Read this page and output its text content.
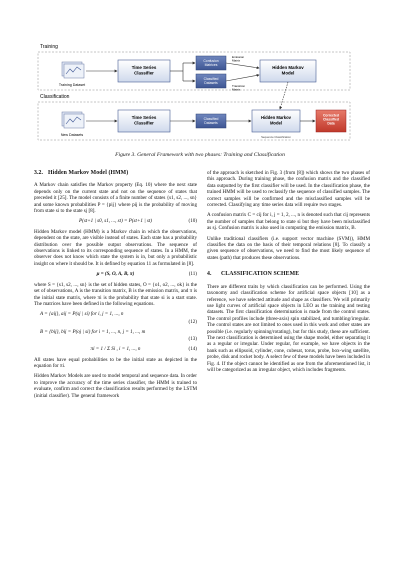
Training
Classification
Training Dataset
New Datasets
Time Series Classifier
Time Series Classifier
Confusion Matrices
Classified Datasets
Classified Datasets
Emission Matrix
Transition Matrix
Hidden Markov Model
Hidden Markov Model
Sequence Classification
Corrected Classified Data
Figure 3. General Framework with two phases: Training and Classification
3.2. Hidden Markov Model (HMM)

A Markov chain satisfies the Markov property (Eq. 10) where the next state depends only on the current state and not on the sequence of states that preceded it [25]. The model consists of a finite number of states {s1, s2, ..., sn} and some known probabilities P = {pij} where pij is the probability of moving from state si to the state sj [8].

P(st+1 | s0, s1, ..., st) = P(st+1 | st)	(10)

Hidden Markov model (HMM) is a Markov chain in which the observations, dependent on the state, are visible instead of states. Each state has a probability distribution over the possible output observations. The sequence of observations is linked to its corresponding sequence of states. In a HMM, the observer does not know which state the system is in, but only a probabilistic insight on where it should be. It is defined by equation 11 as formulated in [8].

μ = (S, O, A, B, π)	(11)

where S = {s1, s2, ..., sn} is the set of hidden states, O = {o1, o2, ..., ok} is the set of observations, A is the transition matrix, B is the emission matrix, and π is the initial state matrix, where πi is the probability that state si is a start state. The matrices have been defined in the following equations.

A = {aij}, aij = P(sj | si) for i, j = 1, ..., n
(12)
B = {bij}, bij = P(oj | si) for i = 1, ..., n, j = 1, ..., m
(13)
πi = 1 / Σ Si , i = 1, ..., n	(14)

All states have equal probabilities to be the initial state as depicted in the equation for πi.

Hidden Markov Models are used to model temporal and sequence data. In order to improve the accuracy of the time series classifier, the HMM is trained to evaluate, confirm and correct the classification results performed by the LSTM (initial classifier). The general framework

of the approach is sketched in Fig. 3 (from [8]) which shows the two phases of this approach. During training phase, the confusion matrix and the classified data outputted by the first classifier will be used. In the classification phase, the trained HMM will be used to reclassify the sequence of classified samples. The correct samples will be confirmed and the misclassified samples will be corrected. Classifying any time series data will require two stages.

A confusion matrix C = cij for i, j = 1, 2, ..., n is denoted such that cij represents the number of samples that belong to state si but they have been misclassified as sj. Confusion matrix is also used in computing the emission matrix, B.

Unlike traditional classifiers (i.e. support vector machine (SVM)), HMM classifies the data on the basis of their temporal relations [8]. To classify a given sequence of observations, we need to find the most likely sequence of states (path) that produces these observations.

4. CLASSIFICATION SCHEME

There are different traits by which classification can be performed. Using the taxonomy and classification scheme for artificial space objects [10] as a reference, we have selected attitude and shape as classifiers. We will primarily use light curves of artificial space objects in LEO as the training and testing datasets. The first classification determination is made from the control states. The control profiles include (three-axis) spin stabilized, and tumbling/irregular. The control states are not limited to ones used in this work and other states are possible (i.e. regularly spinning/rotating), but for this study, these are sufficient. The next classification is determined using the shape model, either separating it as a regular or irregular. Under regular, for example, we have objects in the bank such as ellipsoid, cylinder, cone, cubesat, torus, probe, box-wing satellite, probe, disk and rocket body. A select few of these models have been included in Fig. 4. If the object cannot be identified as one from the aforementioned list, it will be categorized as an irregular object, which includes fragments.
